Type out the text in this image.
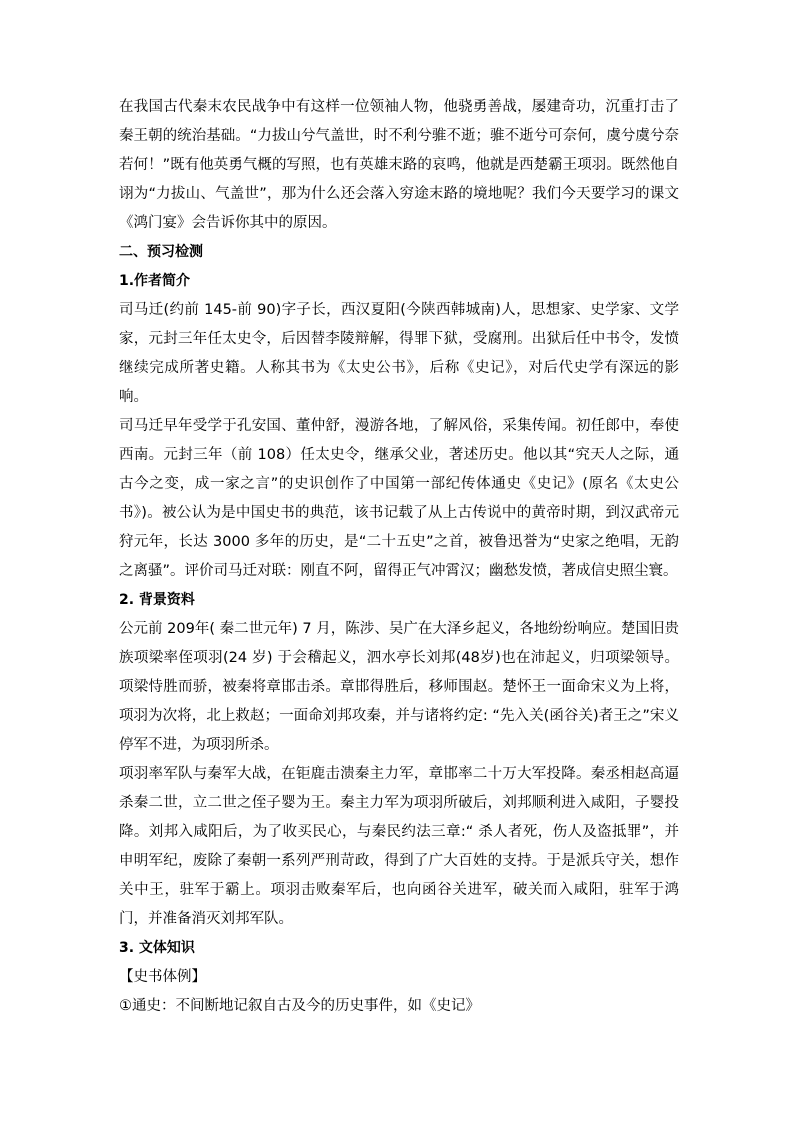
在我国古代秦末农民战争中有这样一位领袖人物，他骁勇善战，屡建奇功，沉重打击了秦王朝的统治基础。“力拔山兮气盖世，时不利兮骓不逝；骓不逝兮可奈何，虞兮虞兮奈若何！”既有他英勇气概的写照，也有英雄末路的哀鸣，他就是西楚霸王项羽。既然他自诩为“力拔山、气盖世”，那为什么还会落入穷途末路的境地呢？我们今天要学习的课文《鸿门宴》会告诉你其中的原因。

二、预习检测

1.作者简介

司马迁(约前 145-前 90)字子长，西汉夏阳(今陕西韩城南)人，思想家、史学家、文学家，元封三年任太史令，后因替李陵辩解，得罪下狱，受腐刑。出狱后任中书令，发愤继续完成所著史籍。人称其书为《太史公书》，后称《史记》，对后代史学有深远的影响。

司马迁早年受学于孔安国、董仲舒，漫游各地，了解风俗，采集传闻。初任郎中，奉使西南。元封三年（前 108）任太史令，继承父业，著述历史。他以其“究天人之际，通古今之变，成一家之言”的史识创作了中国第一部纪传体通史《史记》(原名《太史公书》)。被公认为是中国史书的典范，该书记载了从上古传说中的黄帝时期，到汉武帝元狩元年，长达 3000 多年的历史，是“二十五史”之首，被鲁迅誉为“史家之绝唱，无韵之离骚”。评价司马迁对联：刚直不阿，留得正气冲霄汉；幽愁发愤，著成信史照尘寰。

2. 背景资料

公元前 209年( 秦二世元年) 7 月，陈涉、吴广在大泽乡起义，各地纷纷响应。楚国旧贵族项梁率侄项羽(24 岁) 于会稽起义，泗水亭长刘邦(48岁)也在沛起义，归项梁领导。项梁恃胜而骄，被秦将章邯击杀。章邯得胜后，移师围赵。楚怀王一面命宋义为上将，项羽为次将，北上救赵；一面命刘邦攻秦，并与诸将约定: “先入关(函谷关)者王之”宋义停军不进，为项羽所杀。

项羽率军队与秦军大战，在钜鹿击溃秦主力军，章邯率二十万大军投降。秦丞相赵高逼杀秦二世，立二世之侄子婴为王。秦主力军为项羽所破后，刘邦顺利进入咸阳，子婴投降。刘邦入咸阳后，为了收买民心，与秦民约法三章:“ 杀人者死，伤人及盗抵罪”，并申明军纪，废除了秦朝一系列严刑苛政，得到了广大百姓的支持。于是派兵守关，想作关中王，驻军于霸上。项羽击败秦军后，也向函谷关进军，破关而入咸阳，驻军于鸿门，并准备消灭刘邦军队。

3. 文体知识

【史书体例】

①通史：不间断地记叙自古及今的历史事件，如《史记》
